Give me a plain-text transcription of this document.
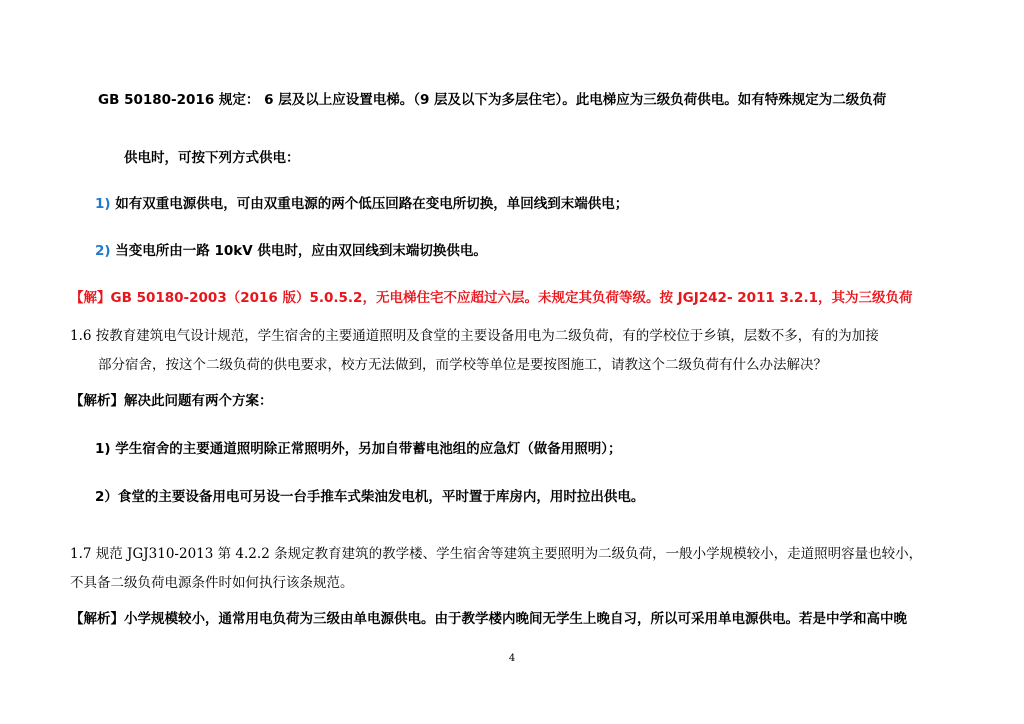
GB 50180-2016 规定： 6 层及以上应设置电梯。（9 层及以下为多层住宅）。此电梯应为三级负荷供电。如有特殊规定为二级负荷
供电时，可按下列方式供电：
1) 如有双重电源供电，可由双重电源的两个低压回路在变电所切换，单回线到末端供电；
2) 当变电所由一路 10kV 供电时，应由双回线到末端切换供电。
【解】GB 50180-2003（2016 版）5.0.5.2，无电梯住宅不应超过六层。未规定其负荷等级。按 JGJ242- 2011 3.2.1，其为三级负荷
1.6 按教育建筑电气设计规范，学生宿舍的主要通道照明及食堂的主要设备用电为二级负荷，有的学校位于乡镇，层数不多，有的为加接
部分宿舍，按这个二级负荷的供电要求，校方无法做到，而学校等单位是要按图施工，请教这个二级负荷有什么办法解决？
【解析】解决此问题有两个方案：
1) 学生宿舍的主要通道照明除正常照明外，另加自带蓄电池组的应急灯（做备用照明）；
2）食堂的主要设备用电可另设一台手推车式柴油发电机，平时置于库房内，用时拉出供电。
1.7 规范 JGJ310-2013 第 4.2.2 条规定教育建筑的教学楼、学生宿舍等建筑主要照明为二级负荷，一般小学规模较小，走道照明容量也较小，
不具备二级负荷电源条件时如何执行该条规范。
【解析】小学规模较小，通常用电负荷为三级由单电源供电。由于教学楼内晚间无学生上晚自习，所以可采用单电源供电。若是中学和高中晚
4
